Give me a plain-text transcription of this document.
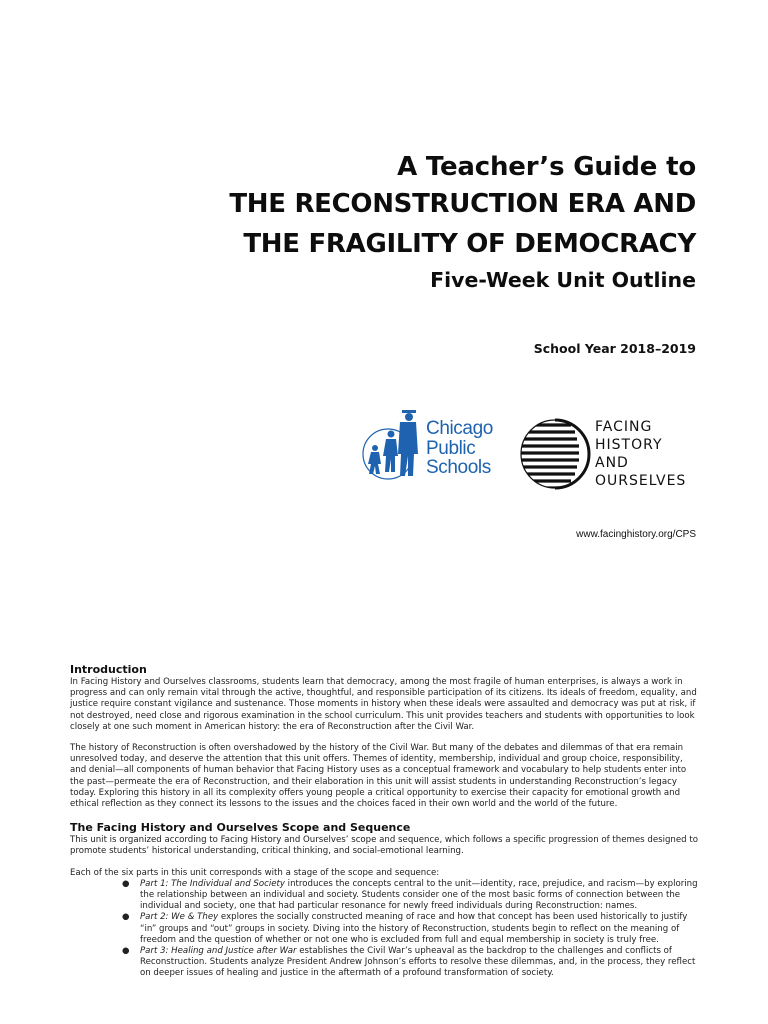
A Teacher’s Guide to
THE RECONSTRUCTION ERA AND
THE FRAGILITY OF DEMOCRACY
Five-Week Unit Outline
School Year 2018–2019
Chicago
Public
Schools
FACING
HISTORY
AND
OURSELVES
www.facinghistory.org/CPS
Introduction

In Facing History and Ourselves classrooms, students learn that democracy, among the most fragile of human enterprises, is always a work in progress and can only remain vital through the active, thoughtful, and responsible participation of its citizens. Its ideals of freedom, equality, and justice require constant vigilance and sustenance. Those moments in history when these ideals were assaulted and democracy was put at risk, if not destroyed, need close and rigorous examination in the school curriculum. This unit provides teachers and students with opportunities to look closely at one such moment in American history: the era of Reconstruction after the Civil War.

The history of Reconstruction is often overshadowed by the history of the Civil War. But many of the debates and dilemmas of that era remain unresolved today, and deserve the attention that this unit offers. Themes of identity, membership, individual and group choice, responsibility, and denial—all components of human behavior that Facing History uses as a conceptual framework and vocabulary to help students enter into the past—permeate the era of Reconstruction, and their elaboration in this unit will assist students in understanding Reconstruction’s legacy today. Exploring this history in all its complexity offers young people a critical opportunity to exercise their capacity for emotional growth and ethical reflection as they connect its lessons to the issues and the choices faced in their own world and the world of the future.

The Facing History and Ourselves Scope and Sequence

This unit is organized according to Facing History and Ourselves’ scope and sequence, which follows a specific progression of themes designed to promote students’ historical understanding, critical thinking, and social-emotional learning.

Each of the six parts in this unit corresponds with a stage of the scope and sequence:

● Part 1: The Individual and Society introduces the concepts central to the unit—identity, race, prejudice, and racism—by exploring the relationship between an individual and society. Students consider one of the most basic forms of connection between the individual and society, one that had particular resonance for newly freed individuals during Reconstruction: names.
● Part 2: We & They explores the socially constructed meaning of race and how that concept has been used historically to justify “in” groups and “out” groups in society. Diving into the history of Reconstruction, students begin to reflect on the meaning of freedom and the question of whether or not one who is excluded from full and equal membership in society is truly free.
● Part 3: Healing and Justice after War establishes the Civil War’s upheaval as the backdrop to the challenges and conflicts of Reconstruction. Students analyze President Andrew Johnson’s efforts to resolve these dilemmas, and, in the process, they reflect on deeper issues of healing and justice in the aftermath of a profound transformation of society.
